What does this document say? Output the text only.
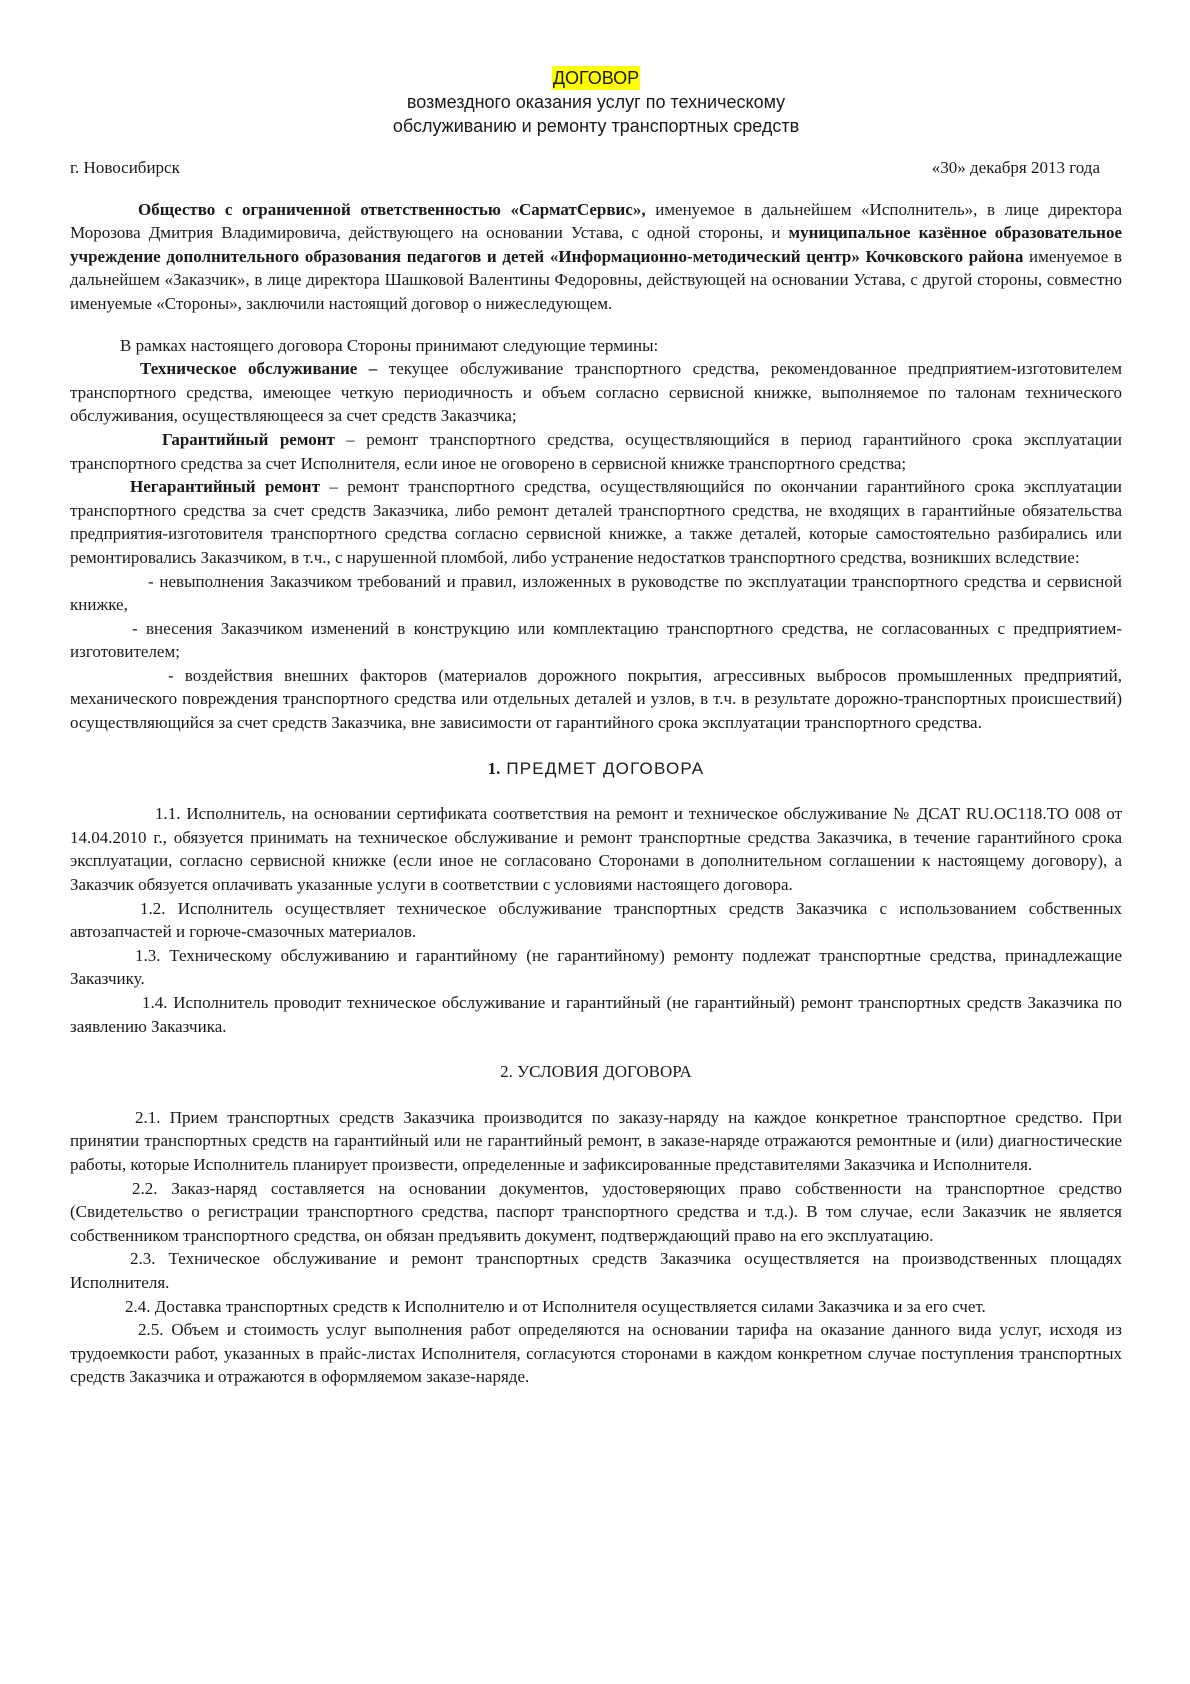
ДОГОВОР
возмездного оказания услуг по техническому
обслуживанию и ремонту транспортных средств
г. Новосибирск	«30» декабря 2013 года

Общество с ограниченной ответственностью «СарматСервис», именуемое в дальнейшем «Исполнитель», в лице директора Морозова Дмитрия Владимировича, действующего на основании Устава, с одной стороны, и муниципальное казённое образовательное учреждение дополнительного образования педагогов и детей «Информационно-методический центр» Кочковского района именуемое в дальнейшем «Заказчик», в лице директора Шашковой Валентины Федоровны, действующей на основании Устава, с другой стороны, совместно именуемые «Стороны», заключили настоящий договор о нижеследующем.

В рамках настоящего договора Стороны принимают следующие термины:

Техническое обслуживание – текущее обслуживание транспортного средства, рекомендованное предприятием-изготовителем транспортного средства, имеющее четкую периодичность и объем согласно сервисной книжке, выполняемое по талонам технического обслуживания, осуществляющееся за счет средств Заказчика;

Гарантийный ремонт – ремонт транспортного средства, осуществляющийся в период гарантийного срока эксплуатации транспортного средства за счет Исполнителя, если иное не оговорено в сервисной книжке транспортного средства;

Негарантийный ремонт – ремонт транспортного средства, осуществляющийся по окончании гарантийного срока эксплуатации транспортного средства за счет средств Заказчика, либо ремонт деталей транспортного средства, не входящих в гарантийные обязательства предприятия-изготовителя транспортного средства согласно сервисной книжке, а также деталей, которые самостоятельно разбирались или ремонтировались Заказчиком, в т.ч., с нарушенной пломбой, либо устранение недостатков транспортного средства, возникших вследствие:

- невыполнения Заказчиком требований и правил, изложенных в руководстве по эксплуатации транспортного средства и сервисной книжке,

- внесения Заказчиком изменений в конструкцию или комплектацию транспортного средства, не согласованных с предприятием-изготовителем;

- воздействия внешних факторов (материалов дорожного покрытия, агрессивных выбросов промышленных предприятий, механического повреждения транспортного средства или отдельных деталей и узлов, в т.ч. в результате дорожно-транспортных происшествий) осуществляющийся за счет средств Заказчика, вне зависимости от гарантийного срока эксплуатации транспортного средства.

1. ПРЕДМЕТ ДОГОВОРА

1.1. Исполнитель, на основании сертификата соответствия на ремонт и техническое обслуживание № ДСАТ RU.ОС118.ТО 008 от 14.04.2010 г., обязуется принимать на техническое обслуживание и ремонт транспортные средства Заказчика, в течение гарантийного срока эксплуатации, согласно сервисной книжке (если иное не согласовано Сторонами в дополнительном соглашении к настоящему договору), а Заказчик обязуется оплачивать указанные услуги в соответствии с условиями настоящего договора.

1.2. Исполнитель осуществляет техническое обслуживание транспортных средств Заказчика с использованием собственных автозапчастей и горюче-смазочных материалов.

1.3. Техническому обслуживанию и гарантийному (не гарантийному) ремонту подлежат транспортные средства, принадлежащие Заказчику.

1.4. Исполнитель проводит техническое обслуживание и гарантийный (не гарантийный) ремонт транспортных средств Заказчика по заявлению Заказчика.

2. УСЛОВИЯ ДОГОВОРА

2.1. Прием транспортных средств Заказчика производится по заказу-наряду на каждое конкретное транспортное средство. При принятии транспортных средств на гарантийный или не гарантийный ремонт, в заказе-наряде отражаются ремонтные и (или) диагностические работы, которые Исполнитель планирует произвести, определенные и зафиксированные представителями Заказчика и Исполнителя.

2.2. Заказ-наряд составляется на основании документов, удостоверяющих право собственности на транспортное средство (Свидетельство о регистрации транспортного средства, паспорт транспортного средства и т.д.). В том случае, если Заказчик не является собственником транспортного средства, он обязан предъявить документ, подтверждающий право на его эксплуатацию.

2.3. Техническое обслуживание и ремонт транспортных средств Заказчика осуществляется на производственных площадях Исполнителя.

2.4. Доставка транспортных средств к Исполнителю и от Исполнителя осуществляется силами Заказчика и за его счет.

2.5. Объем и стоимость услуг выполнения работ определяются на основании тарифа на оказание данного вида услуг, исходя из трудоемкости работ, указанных в прайс-листах Исполнителя, согласуются сторонами в каждом конкретном случае поступления транспортных средств Заказчика и отражаются в оформляемом заказе-наряде.
